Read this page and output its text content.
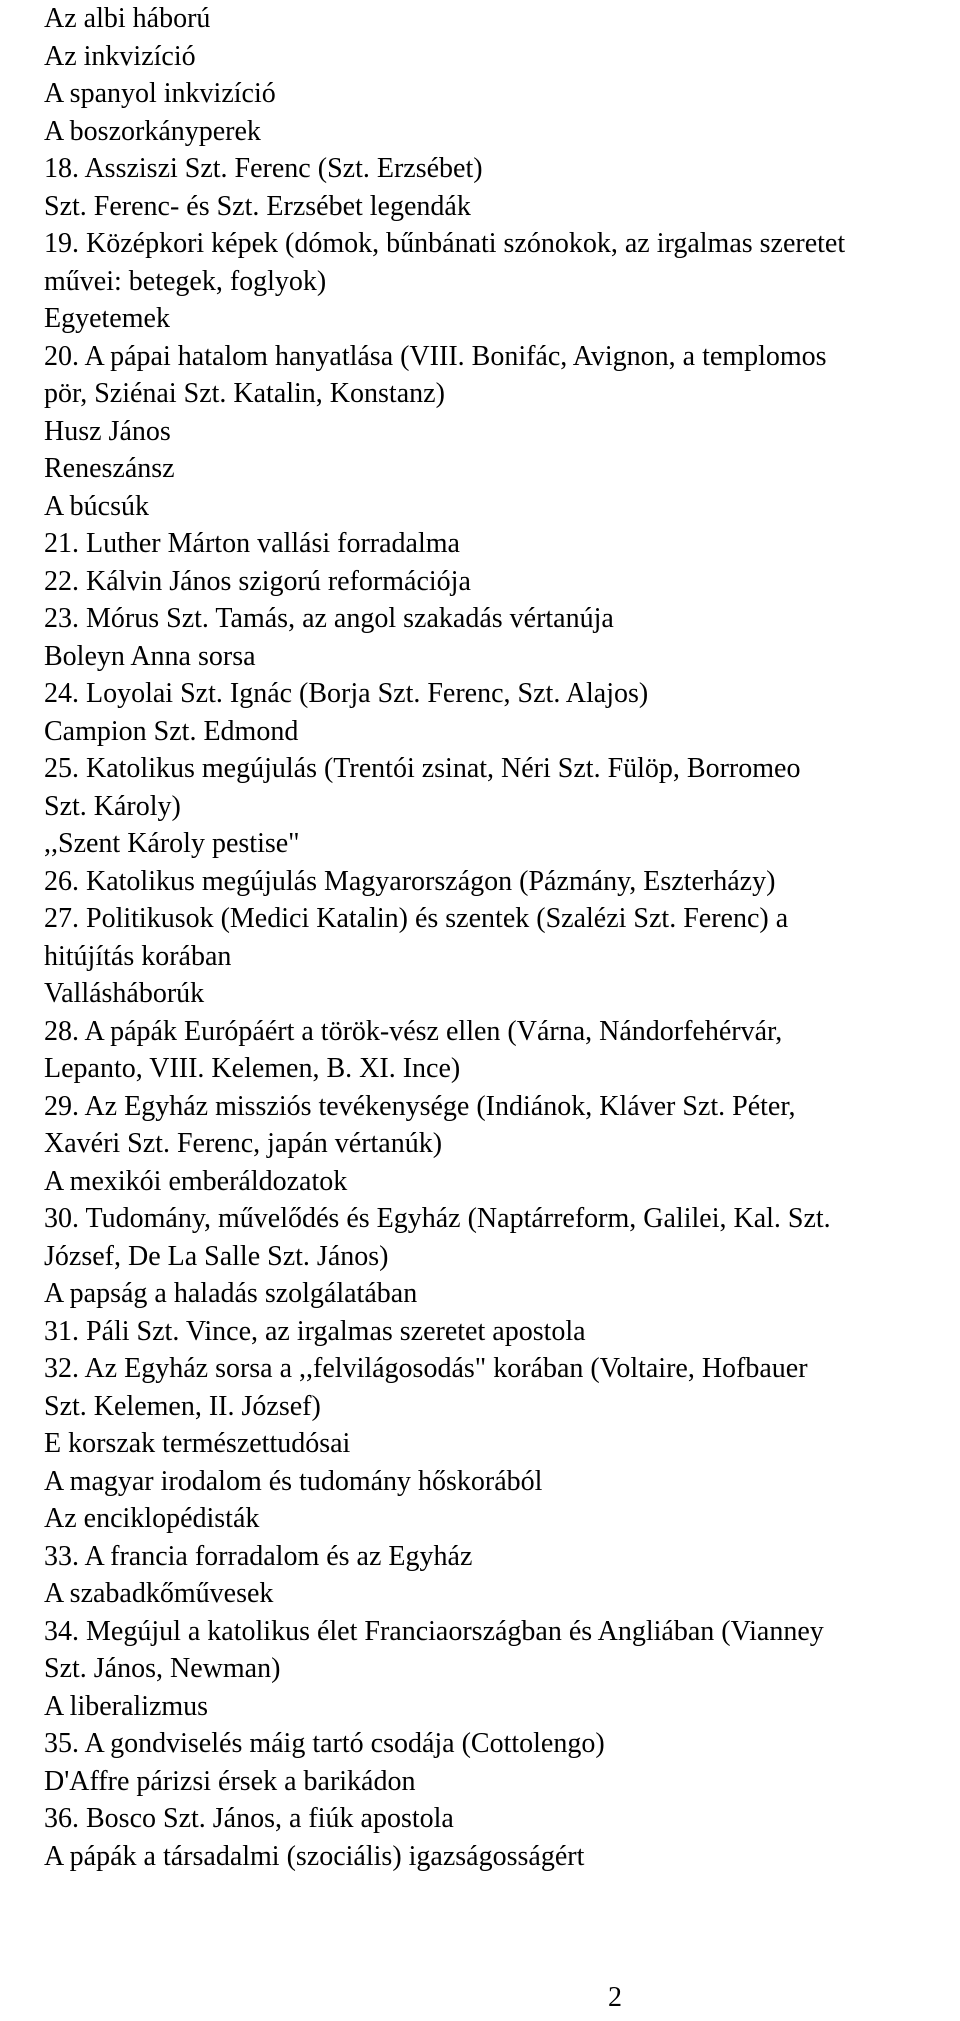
Az albi háború
Az inkvizíció
A spanyol inkvizíció
A boszorkányperek
18. Assziszi Szt. Ferenc (Szt. Erzsébet)
Szt. Ferenc- és Szt. Erzsébet legendák
19. Középkori képek (dómok, bűnbánati szónokok, az irgalmas szeretet
művei: betegek, foglyok)
Egyetemek
20. A pápai hatalom hanyatlása (VIII. Bonifác, Avignon, a templomos
pör, Sziénai Szt. Katalin, Konstanz)
Husz János
Reneszánsz
A búcsúk
21. Luther Márton vallási forradalma
22. Kálvin János szigorú reformációja
23. Mórus Szt. Tamás, az angol szakadás vértanúja
Boleyn Anna sorsa
24. Loyolai Szt. Ignác (Borja Szt. Ferenc, Szt. Alajos)
Campion Szt. Edmond
25. Katolikus megújulás (Trentói zsinat, Néri Szt. Fülöp, Borromeo
Szt. Károly)
,,Szent Károly pestise"
26. Katolikus megújulás Magyarországon (Pázmány, Eszterházy)
27. Politikusok (Medici Katalin) és szentek (Szalézi Szt. Ferenc) a
hitújítás korában
Vallásháborúk
28. A pápák Európáért a török-vész ellen (Várna, Nándorfehérvár,
Lepanto, VIII. Kelemen, B. XI. Ince)
29. Az Egyház missziós tevékenysége (Indiánok, Kláver Szt. Péter,
Xavéri Szt. Ferenc, japán vértanúk)
A mexikói emberáldozatok
30. Tudomány, művelődés és Egyház (Naptárreform, Galilei, Kal. Szt.
József, De La Salle Szt. János)
A papság a haladás szolgálatában
31. Páli Szt. Vince, az irgalmas szeretet apostola
32. Az Egyház sorsa a ,,felvilágosodás" korában (Voltaire, Hofbauer
Szt. Kelemen, II. József)
E korszak természettudósai
A magyar irodalom és tudomány hőskorából
Az enciklopédisták
33. A francia forradalom és az Egyház
A szabadkőművesek
34. Megújul a katolikus élet Franciaországban és Angliában (Vianney
Szt. János, Newman)
A liberalizmus
35. A gondviselés máig tartó csodája (Cottolengo)
D'Affre párizsi érsek a barikádon
36. Bosco Szt. János, a fiúk apostola
A pápák a társadalmi (szociális) igazságosságért
2
